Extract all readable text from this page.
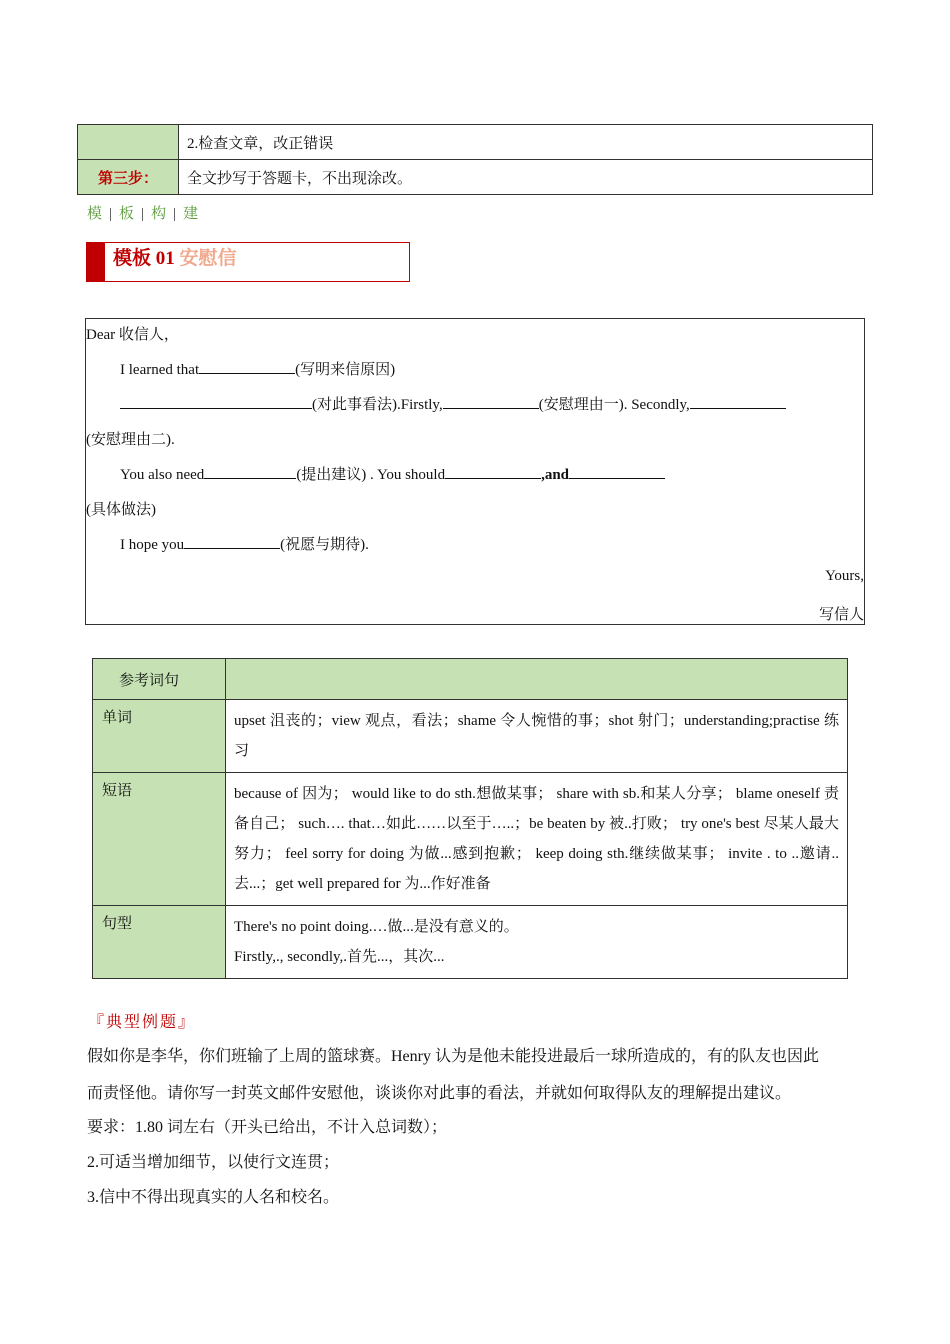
	2.检查文章，改正错误
第三步：	全文抄写于答题卡，不出现涂改。
模 | 板 | 构 | 建
模板 01 安慰信
Dear 收信人，
I learned that	(写明来信原因)
(对此事看法).Firstly,	(安慰理由一). Secondly,
(安慰理由二).
You also need	(提出建议) . You should	,and
(具体做法)
I hope you	(祝愿与期待).
Yours,
写信人
参考词句	
单词	upset 沮丧的；view 观点，看法；shame 令人惋惜的事；shot 射门；understanding;practise 练习
短语	because of 因为； would like to do sth.想做某事； share with sb.和某人分享； blame oneself 责备自己； such…. that…如此……以至于…..；be beaten by 被..打败； try one's best 尽某人最大努力； feel sorry for doing 为做...感到抱歉； keep doing sth.继续做某事； invite . to ..邀请..去...；get well prepared for 为...作好准备
句型	There's no point doing.…做...是没有意义的。
Firstly,., secondly,.首先...，其次...
『典型例题』
假如你是李华，你们班输了上周的篮球赛。Henry 认为是他未能投进最后一球所造成的，有的队友也因此
而责怪他。请你写一封英文邮件安慰他，谈谈你对此事的看法，并就如何取得队友的理解提出建议。
要求：1.80 词左右（开头已给出，不计入总词数）；
2.可适当增加细节，以使行文连贯；
3.信中不得出现真实的人名和校名。
